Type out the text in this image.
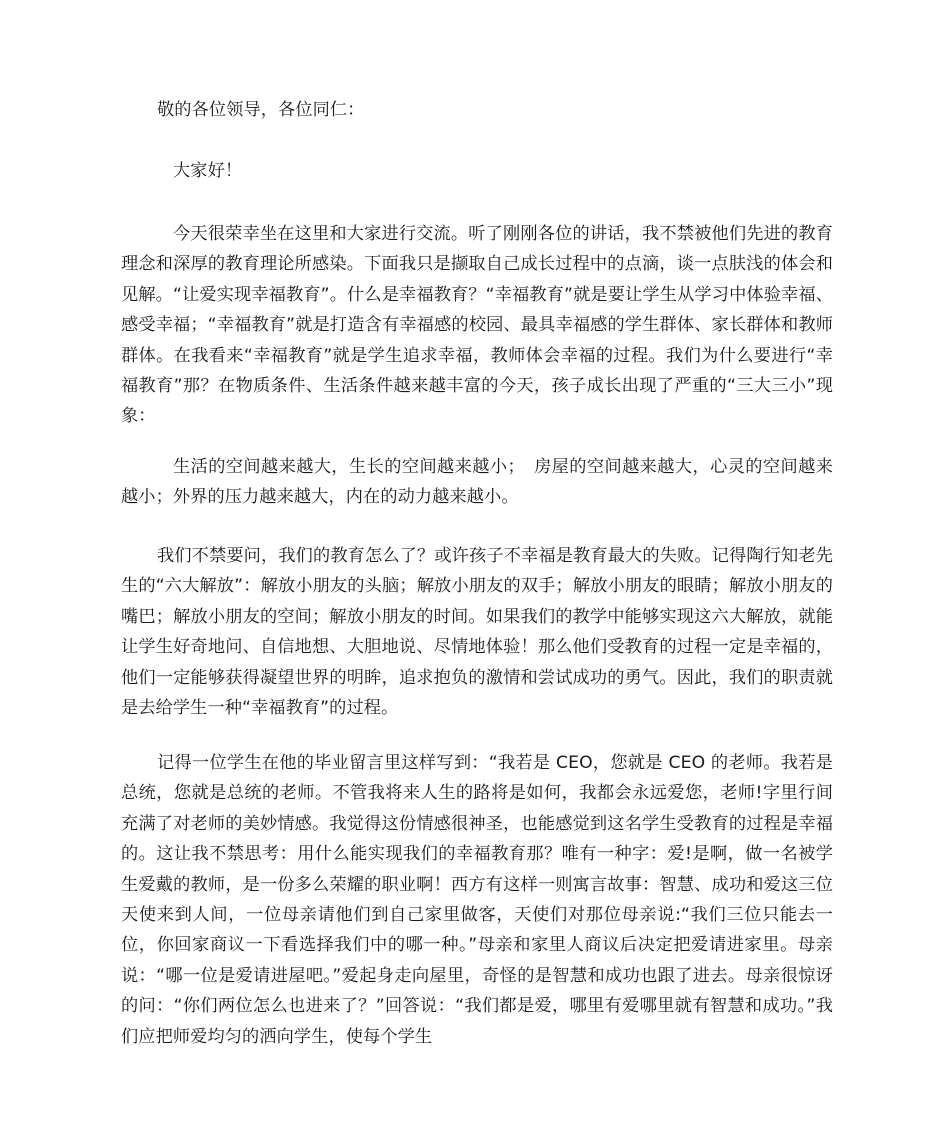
敬的各位领导，各位同仁：

大家好！

今天很荣幸坐在这里和大家进行交流。听了刚刚各位的讲话，我不禁被他们先进的教育理念和深厚的教育理论所感染。下面我只是撷取自己成长过程中的点滴，谈一点肤浅的体会和见解。“让爱实现幸福教育”。什么是幸福教育？“幸福教育”就是要让学生从学习中体验幸福、感受幸福；“幸福教育”就是打造含有幸福感的校园、最具幸福感的学生群体、家长群体和教师群体。在我看来“幸福教育”就是学生追求幸福，教师体会幸福的过程。我们为什么要进行“幸福教育”那？在物质条件、生活条件越来越丰富的今天，孩子成长出现了严重的“三大三小”现象：

生活的空间越来越大，生长的空间越来越小；　房屋的空间越来越大，心灵的空间越来越小；外界的压力越来越大，内在的动力越来越小。

我们不禁要问，我们的教育怎么了？或许孩子不幸福是教育最大的失败。记得陶行知老先生的“六大解放”：解放小朋友的头脑；解放小朋友的双手；解放小朋友的眼睛；解放小朋友的嘴巴；解放小朋友的空间；解放小朋友的时间。如果我们的教学中能够实现这六大解放，就能让学生好奇地问、自信地想、大胆地说、尽情地体验！那么他们受教育的过程一定是幸福的，他们一定能够获得凝望世界的明眸，追求抱负的激情和尝试成功的勇气。因此，我们的职责就是去给学生一种“幸福教育”的过程。

记得一位学生在他的毕业留言里这样写到：“我若是 CEO，您就是 CEO 的老师。我若是总统，您就是总统的老师。不管我将来人生的路将是如何，我都会永远爱您，老师!字里行间充满了对老师的美妙情感。我觉得这份情感很神圣，也能感觉到这名学生受教育的过程是幸福的。这让我不禁思考：用什么能实现我们的幸福教育那？唯有一种字：爱!是啊，做一名被学生爱戴的教师，是一份多么荣耀的职业啊！西方有这样一则寓言故事：智慧、成功和爱这三位天使来到人间，一位母亲请他们到自己家里做客，天使们对那位母亲说:“我们三位只能去一位，你回家商议一下看选择我们中的哪一种。”母亲和家里人商议后决定把爱请进家里。母亲说：“哪一位是爱请进屋吧。”爱起身走向屋里，奇怪的是智慧和成功也跟了进去。母亲很惊讶的问：“你们两位怎么也进来了？”回答说：“我们都是爱，哪里有爱哪里就有智慧和成功。”我们应把师爱均匀的洒向学生，使每个学生
